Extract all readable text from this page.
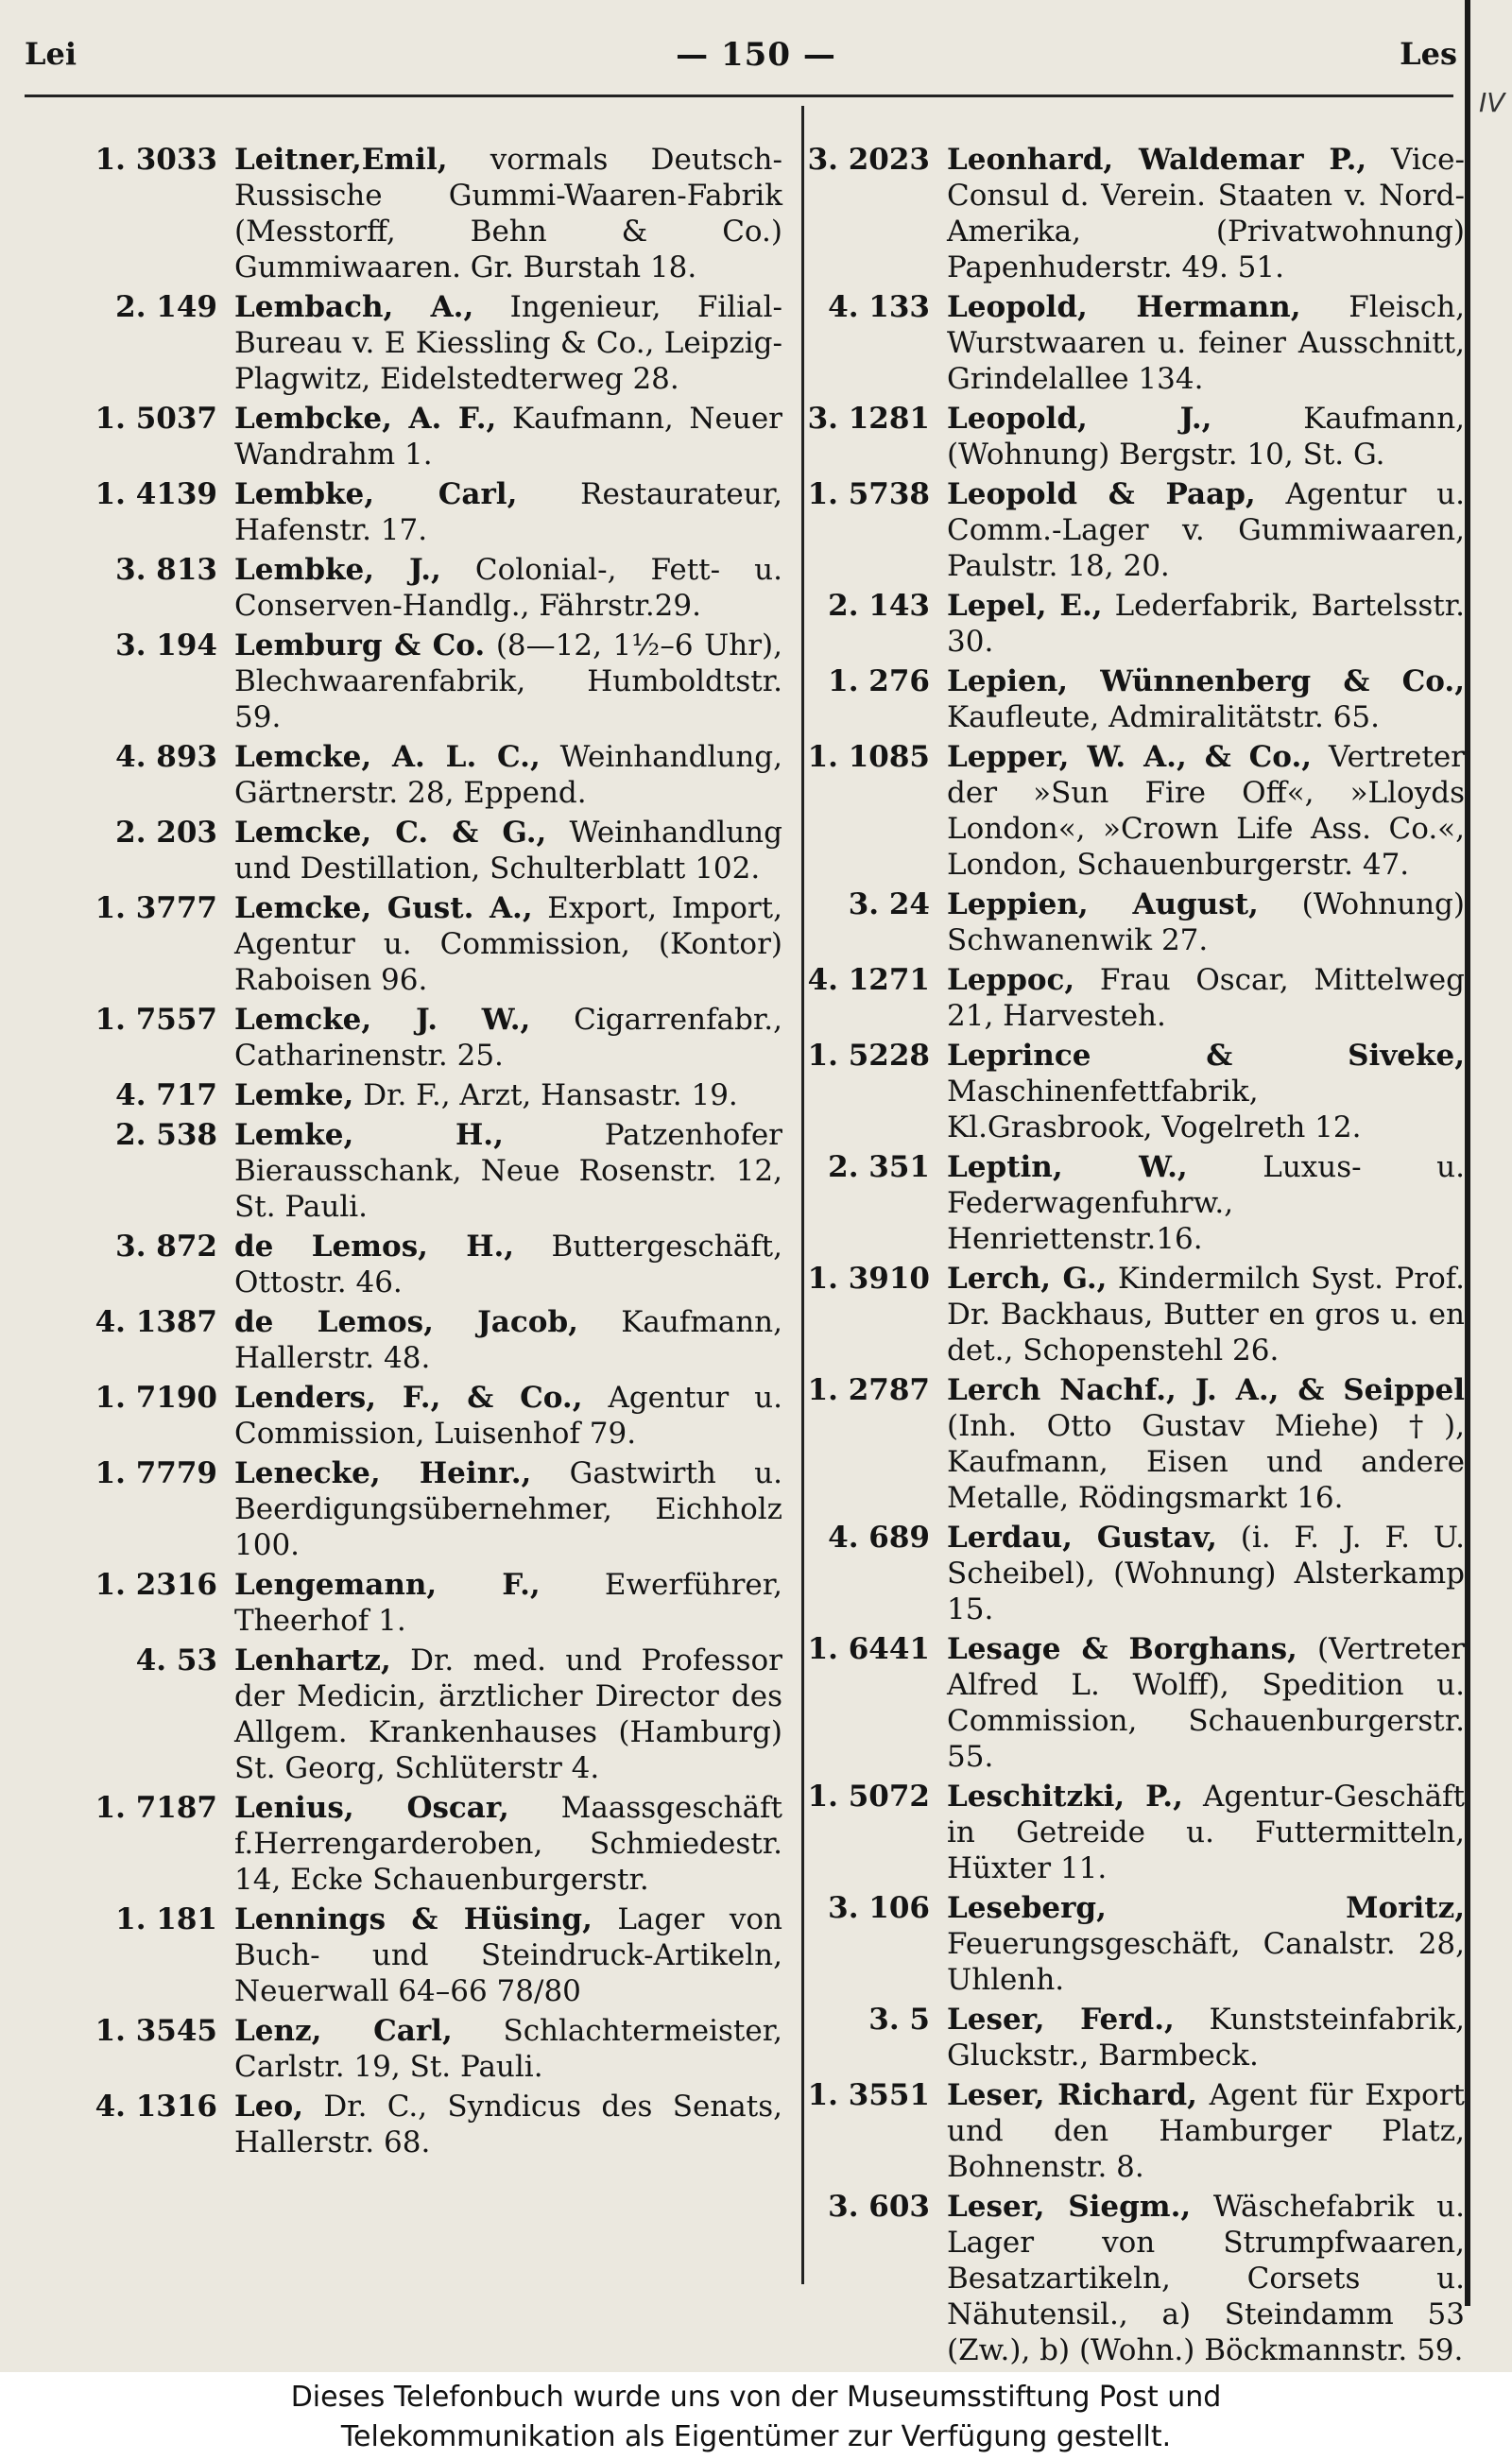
Lei	— 150 —	Les
IV
1. 3033 Leitner,Emil, vormals Deutsch-Russische Gummi-Waaren-Fabrik (Messtorff, Behn & Co.) Gummiwaaren. Gr. Burstah 18.
2. 149 Lembach, A., Ingenieur, Filial-Bureau v. E Kiessling & Co., Leipzig-Plagwitz, Eidelstedterweg 28.
1. 5037 Lembcke, A. F., Kaufmann, Neuer Wandrahm 1.
1. 4139 Lembke, Carl, Restaurateur, Hafenstr. 17.
3. 813 Lembke, J., Colonial-, Fett- u. Conserven-Handlg., Fährstr.29.
3. 194 Lemburg & Co. (8—12, 1½–6 Uhr), Blechwaarenfabrik, Humboldtstr. 59.
4. 893 Lemcke, A. L. C., Weinhandlung, Gärtnerstr. 28, Eppend.
2. 203 Lemcke, C. & G., Weinhandlung und Destillation, Schulterblatt 102.
1. 3777 Lemcke, Gust. A., Export, Import, Agentur u. Commission, (Kontor) Raboisen 96.
1. 7557 Lemcke, J. W., Cigarrenfabr., Catharinenstr. 25.
4. 717 Lemke, Dr. F., Arzt, Hansastr. 19.
2. 538 Lemke, H.,	Patzenhofer Bierausschank, Neue Rosenstr. 12, St. Pauli.
3. 872 de Lemos, H., Buttergeschäft, Ottostr. 46.
4. 1387 de Lemos, Jacob, Kaufmann, Hallerstr. 48.
1. 7190 Lenders, F., & Co., Agentur u. Commission, Luisenhof 79.
1. 7779 Lenecke, Heinr., Gastwirth u. Beerdigungsübernehmer, Eichholz 100.
1. 2316 Lengemann, F., Ewerführer, Theerhof 1.
4. 53 Lenhartz, Dr. med. und Professor der Medicin, ärztlicher Director des Allgem. Krankenhauses (Hamburg) St. Georg, Schlüterstr 4.
1. 7187 Lenius, Oscar, Maassgeschäft f.Herrengarderoben, Schmiedestr. 14, Ecke Schauenburgerstr.
1. 181 Lennings & Hüsing, Lager von Buch- und Steindruck-Artikeln, Neuerwall 64–66 78/80
1. 3545 Lenz, Carl, Schlachtermeister, Carlstr. 19, St. Pauli.
4. 1316 Leo, Dr. C., Syndicus des Senats, Hallerstr. 68.
3. 2023 Leonhard, Waldemar P., Vice-Consul d. Verein. Staaten v. Nord-Amerika, (Privatwohnung) Papenhuderstr. 49. 51.
4. 133 Leopold, Hermann, Fleisch, Wurstwaaren u. feiner Ausschnitt, Grindelallee 134.
3. 1281 Leopold, J.,	Kaufmann, (Wohnung) Bergstr. 10, St. G.
1. 5738 Leopold & Paap, Agentur u. Comm.-Lager v. Gummiwaaren, Paulstr. 18, 20.
2. 143 Lepel, E., Lederfabrik, Bartelsstr. 30.
1. 276 Lepien, Wünnenberg & Co., Kaufleute, Admiralitätstr. 65.
1. 1085 Lepper, W. A., & Co., Vertreter der »Sun Fire Off«, »Lloyds London«, »Crown Life Ass. Co.«, London, Schauenburgerstr. 47.
3. 24 Leppien, August, (Wohnung) Schwanenwik 27.
4. 1271 Leppoc, Frau Oscar, Mittelweg 21, Harvesteh.
1. 5228 Leprince & Siveke, Maschinenfettfabrik, Kl.Grasbrook, Vogelreth 12.
2. 351 Leptin, W.,	Luxus- u. Federwagenfuhrw., Henriettenstr.16.
1. 3910 Lerch, G., Kindermilch Syst. Prof. Dr. Backhaus, Butter en gros u. en det., Schopenstehl 26.
1. 2787 Lerch Nachf., J. A., & Seippel (Inh. Otto Gustav Miehe) †), Kaufmann, Eisen und andere Metalle, Rödingsmarkt 16.
4. 689 Lerdau, Gustav, (i. F. J. F. U. Scheibel), (Wohnung) Alsterkamp 15.
1. 6441 Lesage & Borghans, (Vertreter Alfred L. Wolff), Spedition u. Commission, Schauenburgerstr. 55.
1. 5072 Leschitzki, P., Agentur-Geschäft in Getreide u. Futtermitteln, Hüxter 11.
3. 106 Leseberg, Moritz, Feuerungsgeschäft, Canalstr. 28, Uhlenh.
3. 5 Leser, Ferd., Kunststeinfabrik, Gluckstr., Barmbeck.
1. 3551 Leser, Richard, Agent für Export und den Hamburger Platz, Bohnenstr. 8.
3. 603 Leser, Siegm., Wäschefabrik u. Lager von Strumpfwaaren, Besatzartikeln, Corsets u. Nähutensil., a) Steindamm 53 (Zw.), b) (Wohn.) Böckmannstr. 59.
Dieses Telefonbuch wurde uns von der Museumsstiftung Post und
Telekommunikation als Eigentümer zur Verfügung gestellt.
